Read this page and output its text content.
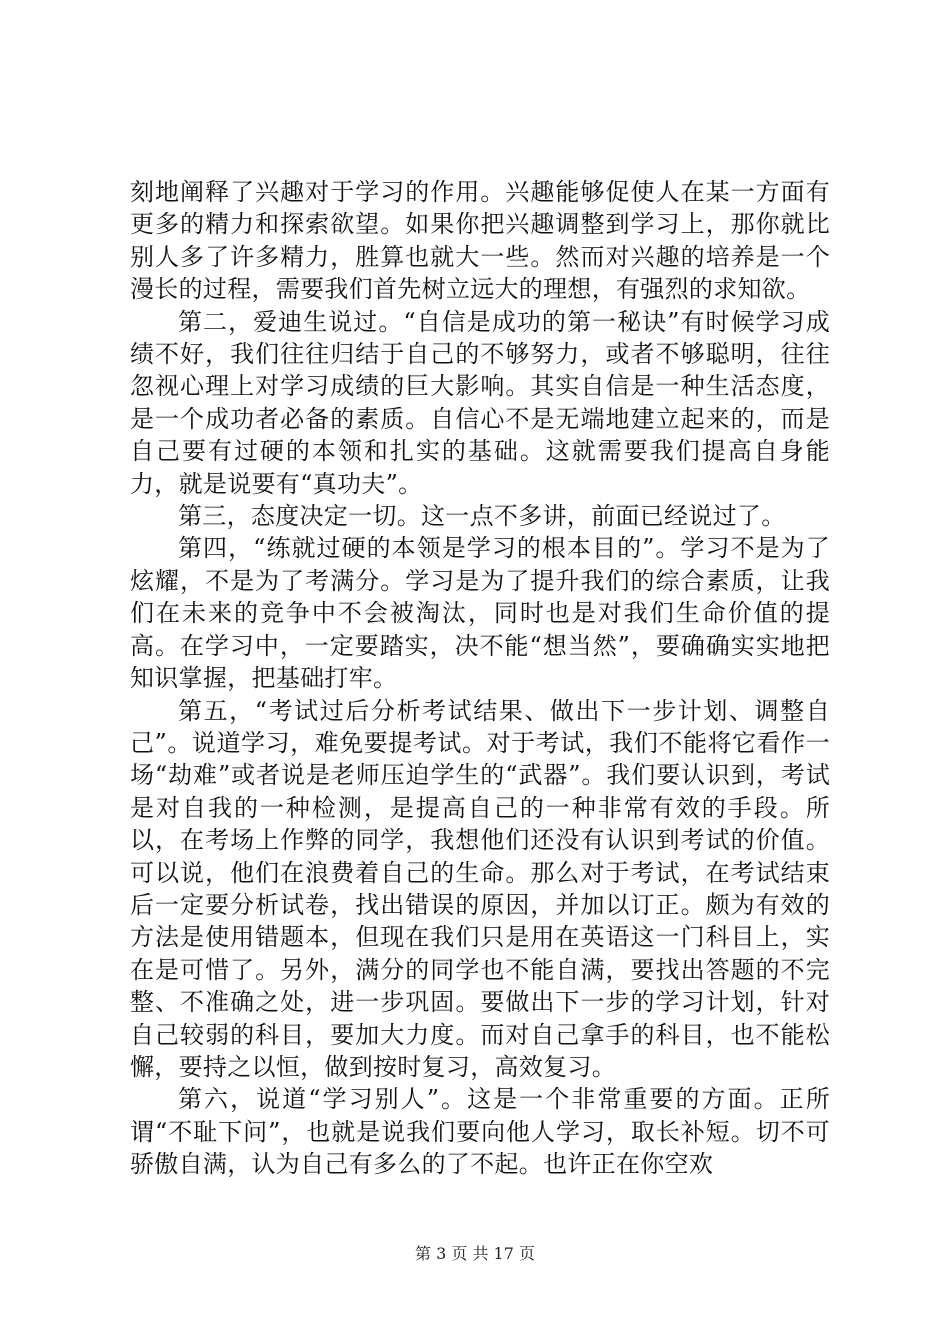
刻地阐释了兴趣对于学习的作用。兴趣能够促使人在某一方面有更多的精力和探索欲望。如果你把兴趣调整到学习上，那你就比别人多了许多精力，胜算也就大一些。然而对兴趣的培养是一个漫长的过程，需要我们首先树立远大的理想，有强烈的求知欲。

第二，爱迪生说过。“自信是成功的第一秘诀”有时候学习成绩不好，我们往往归结于自己的不够努力，或者不够聪明，往往忽视心理上对学习成绩的巨大影响。其实自信是一种生活态度，是一个成功者必备的素质。自信心不是无端地建立起来的，而是自己要有过硬的本领和扎实的基础。这就需要我们提高自身能力，就是说要有“真功夫”。

第三，态度决定一切。这一点不多讲，前面已经说过了。

第四，“练就过硬的本领是学习的根本目的”。学习不是为了炫耀，不是为了考满分。学习是为了提升我们的综合素质，让我们在未来的竞争中不会被淘汰，同时也是对我们生命价值的提高。在学习中，一定要踏实，决不能“想当然”，要确确实实地把知识掌握，把基础打牢。

第五，“考试过后分析考试结果、做出下一步计划、调整自己”。说道学习，难免要提考试。对于考试，我们不能将它看作一场“劫难”或者说是老师压迫学生的“武器”。我们要认识到，考试是对自我的一种检测，是提高自己的一种非常有效的手段。所以，在考场上作弊的同学，我想他们还没有认识到考试的价值。可以说，他们在浪费着自己的生命。那么对于考试，在考试结束后一定要分析试卷，找出错误的原因，并加以订正。颇为有效的方法是使用错题本，但现在我们只是用在英语这一门科目上，实在是可惜了。另外，满分的同学也不能自满，要找出答题的不完整、不准确之处，进一步巩固。要做出下一步的学习计划，针对自己较弱的科目，要加大力度。而对自己拿手的科目，也不能松懈，要持之以恒，做到按时复习，高效复习。

第六，说道“学习别人”。这是一个非常重要的方面。正所谓“不耻下问”，也就是说我们要向他人学习，取长补短。切不可骄傲自满，认为自己有多么的了不起。也许正在你空欢

第 3 页 共 17 页
